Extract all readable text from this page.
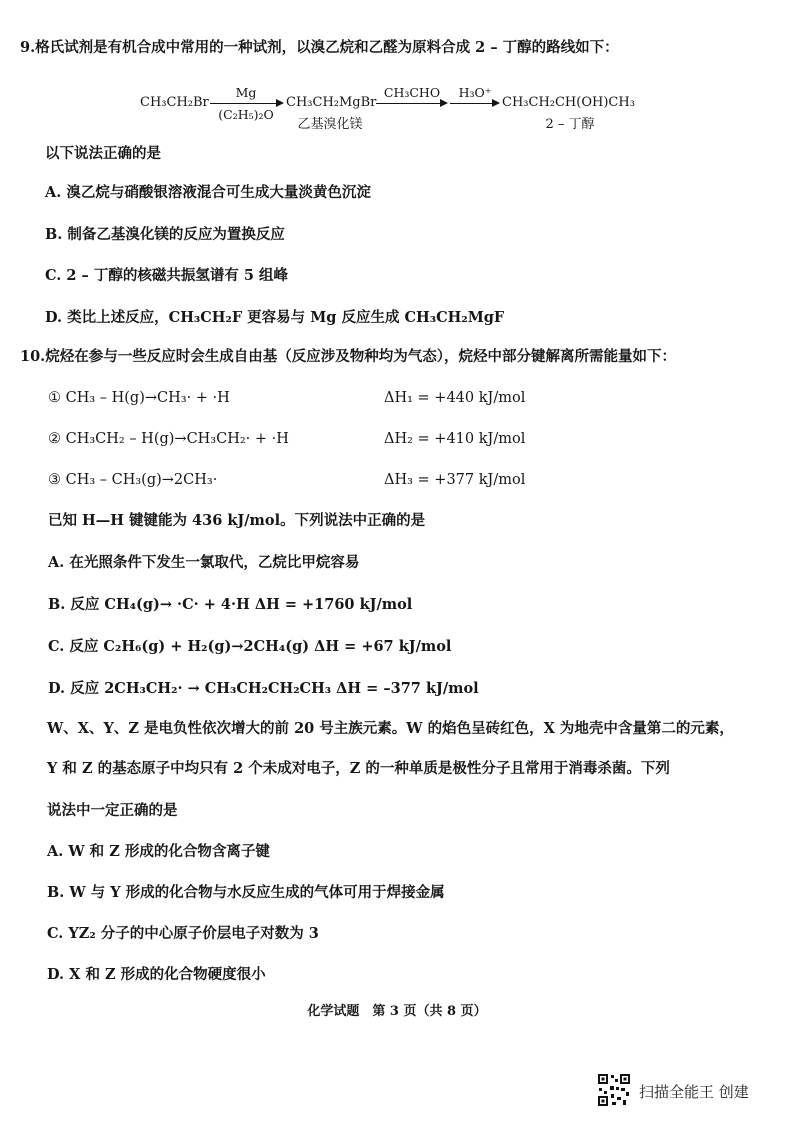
9.格氏试剂是有机合成中常用的一种试剂，以溴乙烷和乙醛为原料合成 2 – 丁醇的路线如下：
CH₃CH₂Br
Mg
(C₂H₅)₂O
CH₃CH₂MgBr
乙基溴化镁
CH₃CHO	H₃O⁺
CH₃CH₂CH(OH)CH₃
2 – 丁醇
以下说法正确的是
A. 溴乙烷与硝酸银溶液混合可生成大量淡黄色沉淀
B. 制备乙基溴化镁的反应为置换反应
C. 2 – 丁醇的核磁共振氢谱有 5 组峰
D. 类比上述反应，CH₃CH₂F 更容易与 Mg 反应生成 CH₃CH₂MgF
10.烷烃在参与一些反应时会生成自由基（反应涉及物种均为气态），烷烃中部分键解离所需能量如下：
① CH₃ – H(g)→CH₃· + ·H	ΔH₁ = +440 kJ/mol
② CH₃CH₂ – H(g)→CH₃CH₂· + ·H	ΔH₂ = +410 kJ/mol
③ CH₃ – CH₃(g)→2CH₃·	ΔH₃ = +377 kJ/mol
已知 H—H 键键能为 436 kJ/mol。下列说法中正确的是
A. 在光照条件下发生一氯取代，乙烷比甲烷容易
B. 反应 CH₄(g)→ ·C· + 4·H ΔH = +1760 kJ/mol
C. 反应 C₂H₆(g) + H₂(g)→2CH₄(g) ΔH = +67 kJ/mol
D. 反应 2CH₃CH₂· → CH₃CH₂CH₂CH₃ ΔH = –377 kJ/mol
W、X、Y、Z 是电负性依次增大的前 20 号主族元素。W 的焰色呈砖红色，X 为地壳中含量第二的元素，
Y 和 Z 的基态原子中均只有 2 个未成对电子，Z 的一种单质是极性分子且常用于消毒杀菌。下列
说法中一定正确的是
A. W 和 Z 形成的化合物含离子键
B. W 与 Y 形成的化合物与水反应生成的气体可用于焊接金属
C. YZ₂ 分子的中心原子价层电子对数为 3
D. X 和 Z 形成的化合物硬度很小
化学试题　第 3 页（共 8 页）
扫描全能王 创建
